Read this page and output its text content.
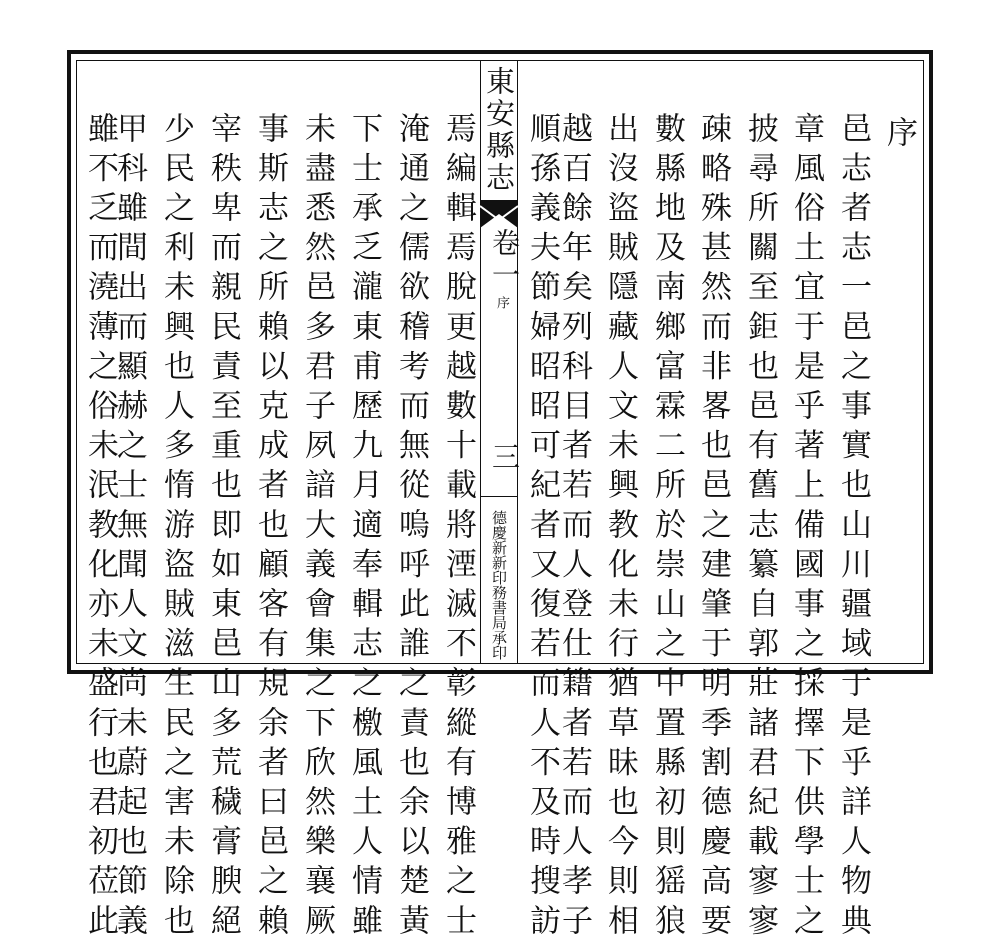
序
邑志者志一邑之事實也山川疆域于是乎詳人物典
章風俗土宜于是乎著上備國事之採擇下供學士之
披尋所關至鉅也邑有舊志纂自郭莊諸君紀載寥寥
疎略殊甚然而非畧也邑之建肇于明季割德慶高要
數縣地及南鄉富霖二所於崇山之中置縣初則猺狼
出沒盜賊隱藏人文未興教化未行猶草昧也今則相
越百餘年矣列科目者若而人登仕籍者若而人孝子
順孫義夫節婦昭昭可紀者又復若而人不及時搜訪
東安縣志
卷一
序
三
德慶新新印務書局承印
焉編輯焉脫更越數十載將湮滅不彰縱有博雅之士
淹通之儒欲稽考而無從嗚呼此誰之責也余以楚黃
下士承乏瀧東甫歷九月適奉輯志之檄風土人情雖
未盡悉然邑多君子夙諳大義會集之下欣然樂襄厥
事斯志之所賴以克成者也顧客有規余者曰邑之賴
宰秩卑而親民責至重也即如東邑山多荒穢膏腴絕
少民之利未興也人多惰游盜賊滋生民之害未除也
甲科雖間出而顯赫之士無聞人文尚未蔚起也節義
雖不乏而澆薄之俗未泯教化亦未盛行也君初莅此
